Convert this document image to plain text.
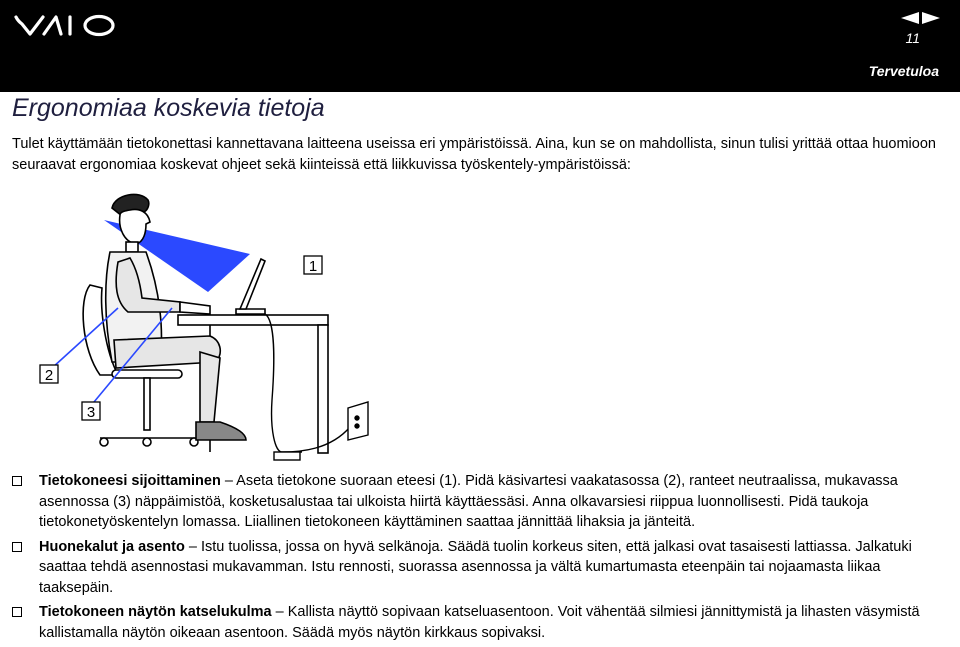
11
Tervetuloa
Ergonomiaa koskevia tietoja

Tulet käyttämään tietokonettasi kannettavana laitteena useissa eri ympäristöissä. Aina, kun se on mahdollista, sinun tulisi yrittää ottaa huomioon seuraavat ergonomiaa koskevat ohjeet sekä kiinteissä että liikkuvissa työskentely-ympäristöissä:

1
2
3
Tietokoneesi sijoittaminen – Aseta tietokone suoraan eteesi (1). Pidä käsivartesi vaakatasossa (2), ranteet neutraalissa, mukavassa asennossa (3) näppäimistöä, kosketusalustaa tai ulkoista hiirtä käyttäessäsi. Anna olkavarsiesi riippua luonnollisesti. Pidä taukoja tietokonetyöskentelyn lomassa. Liiallinen tietokoneen käyttäminen saattaa jännittää lihaksia ja jänteitä.
Huonekalut ja asento – Istu tuolissa, jossa on hyvä selkänoja. Säädä tuolin korkeus siten, että jalkasi ovat tasaisesti lattiassa. Jalkatuki saattaa tehdä asennostasi mukavamman. Istu rennosti, suorassa asennossa ja vältä kumartumasta eteenpäin tai nojaamasta liikaa taaksepäin.
Tietokoneen näytön katselukulma – Kallista näyttö sopivaan katseluasentoon. Voit vähentää silmiesi jännittymistä ja lihasten väsymistä kallistamalla näytön oikeaan asentoon. Säädä myös näytön kirkkaus sopivaksi.
